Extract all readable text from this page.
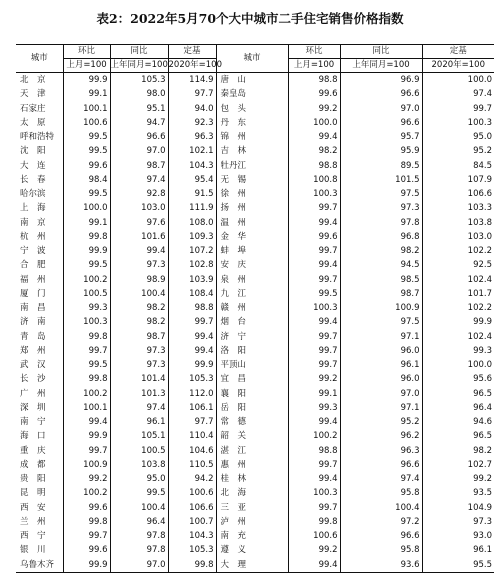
表2：2022年5月70个大中城市二手住宅销售价格指数
城市	环比	同比	定基	城市	环比	同比	定基
	上月=100	上年同月=100	2020年=100		上月=100	上年同月=100	2020年=100
北　京	99.9	105.3	114.9	唐　山	98.8	96.9	100.0
天　津	99.1	98.0	97.7	秦皇岛	99.6	96.6	97.4
石家庄	100.1	95.1	94.0	包　头	99.2	97.0	99.7
太　原	100.6	94.7	92.3	丹　东	100.0	96.6	100.3
呼和浩特	99.5	96.6	96.3	锦　州	99.4	95.7	95.0
沈　阳	99.5	97.0	102.1	吉　林	98.2	95.9	95.2
大　连	99.6	98.7	104.3	牡丹江	98.8	89.5	84.5
长　春	98.4	97.4	95.4	无　锡	100.8	101.5	107.9
哈尔滨	99.5	92.8	91.5	徐　州	100.3	97.5	106.6
上　海	100.0	103.0	111.9	扬　州	99.7	97.3	103.3
南　京	99.1	97.6	108.0	温　州	99.4	97.8	103.8
杭　州	99.8	101.6	109.3	金　华	99.6	96.8	103.0
宁　波	99.9	99.4	107.2	蚌　埠	99.7	98.2	102.2
合　肥	99.5	97.3	102.8	安　庆	99.4	94.5	92.5
福　州	100.2	98.9	103.9	泉　州	99.7	98.5	102.4
厦　门	100.5	100.4	108.4	九　江	99.5	98.7	101.7
南　昌	99.3	98.2	98.8	赣　州	100.3	100.9	102.2
济　南	100.3	98.2	99.7	烟　台	99.4	97.5	99.9
青　岛	99.8	98.7	99.4	济　宁	99.7	97.1	102.4
郑　州	99.7	97.3	99.4	洛　阳	99.7	96.0	99.3
武　汉	99.5	97.3	99.9	平顶山	99.7	96.1	100.0
长　沙	99.8	101.4	105.3	宜　昌	99.2	96.0	95.6
广　州	100.2	101.3	112.0	襄　阳	99.1	97.0	96.5
深　圳	100.1	97.4	106.1	岳　阳	99.3	97.1	96.4
南　宁	99.4	96.1	97.7	常　德	99.4	95.2	94.6
海　口	99.9	105.1	110.4	韶　关	100.2	96.2	96.5
重　庆	99.7	100.5	104.6	湛　江	98.8	96.3	98.2
成　都	100.9	103.8	110.5	惠　州	99.7	96.6	102.7
贵　阳	99.2	95.0	94.2	桂　林	99.4	97.4	99.2
昆　明	100.2	99.5	100.6	北　海	100.3	95.8	93.5
西　安	99.6	100.4	106.6	三　亚	99.7	100.4	104.9
兰　州	99.8	96.4	100.7	泸　州	99.8	97.2	97.3
西　宁	99.7	97.8	104.3	南　充	100.6	96.6	93.0
银　川	99.6	97.8	105.3	遵　义	99.2	95.8	96.1
乌鲁木齐	99.9	97.0	99.8	大　理	99.4	93.6	95.5
